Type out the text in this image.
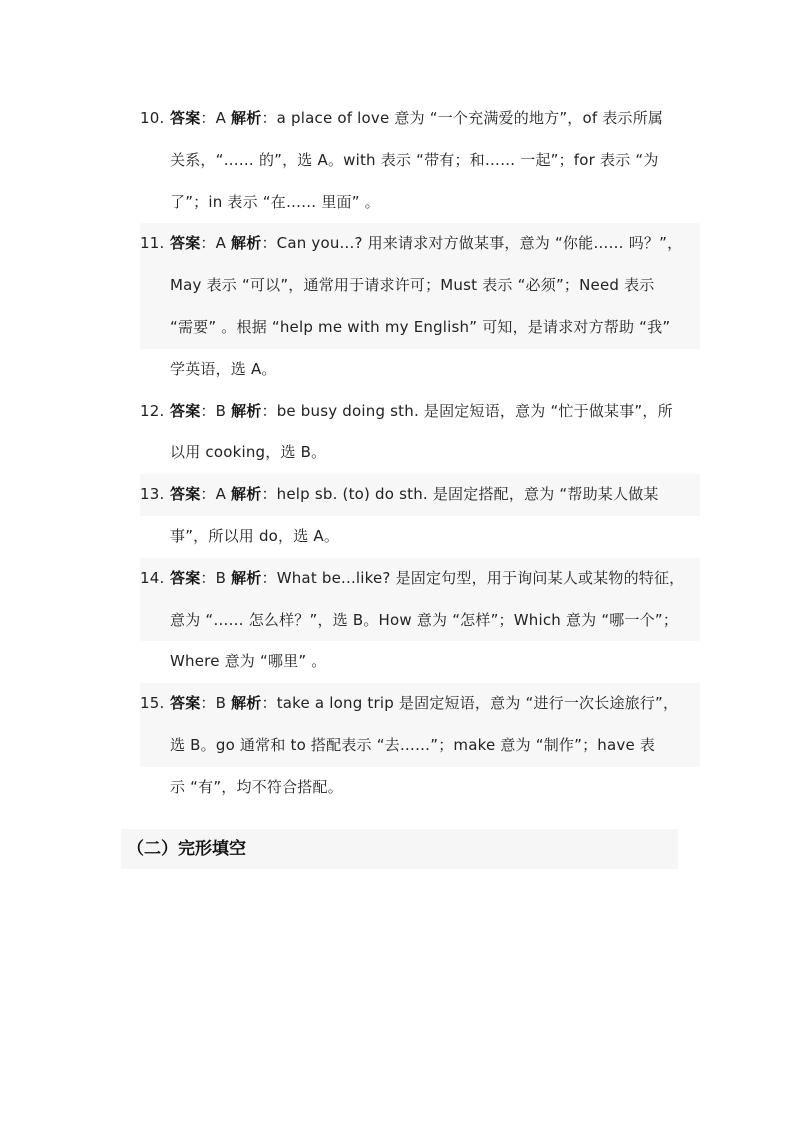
10. 答案：A 解析：a place of love 意为 “一个充满爱的地方”，of 表示所属
关系，“…… 的”，选 A。with 表示 “带有；和…… 一起”；for 表示 “为
了”；in 表示 “在…… 里面” 。
11. 答案：A 解析：Can you...? 用来请求对方做某事，意为 “你能…… 吗？”，
May 表示 “可以”，通常用于请求许可；Must 表示 “必须”；Need 表示
“需要” 。根据 “help me with my English” 可知，是请求对方帮助 “我”
学英语，选 A。
12. 答案：B 解析：be busy doing sth. 是固定短语，意为 “忙于做某事”，所
以用 cooking，选 B。
13. 答案：A 解析：help sb. (to) do sth. 是固定搭配，意为 “帮助某人做某
事”，所以用 do，选 A。
14. 答案：B 解析：What be...like? 是固定句型，用于询问某人或某物的特征，
意为 “…… 怎么样？”，选 B。How 意为 “怎样”；Which 意为 “哪一个”；
Where 意为 “哪里” 。
15. 答案：B 解析：take a long trip 是固定短语，意为 “进行一次长途旅行”，
选 B。go 通常和 to 搭配表示 “去……”；make 意为 “制作”；have 表
示 “有”，均不符合搭配。
（二）完形填空
